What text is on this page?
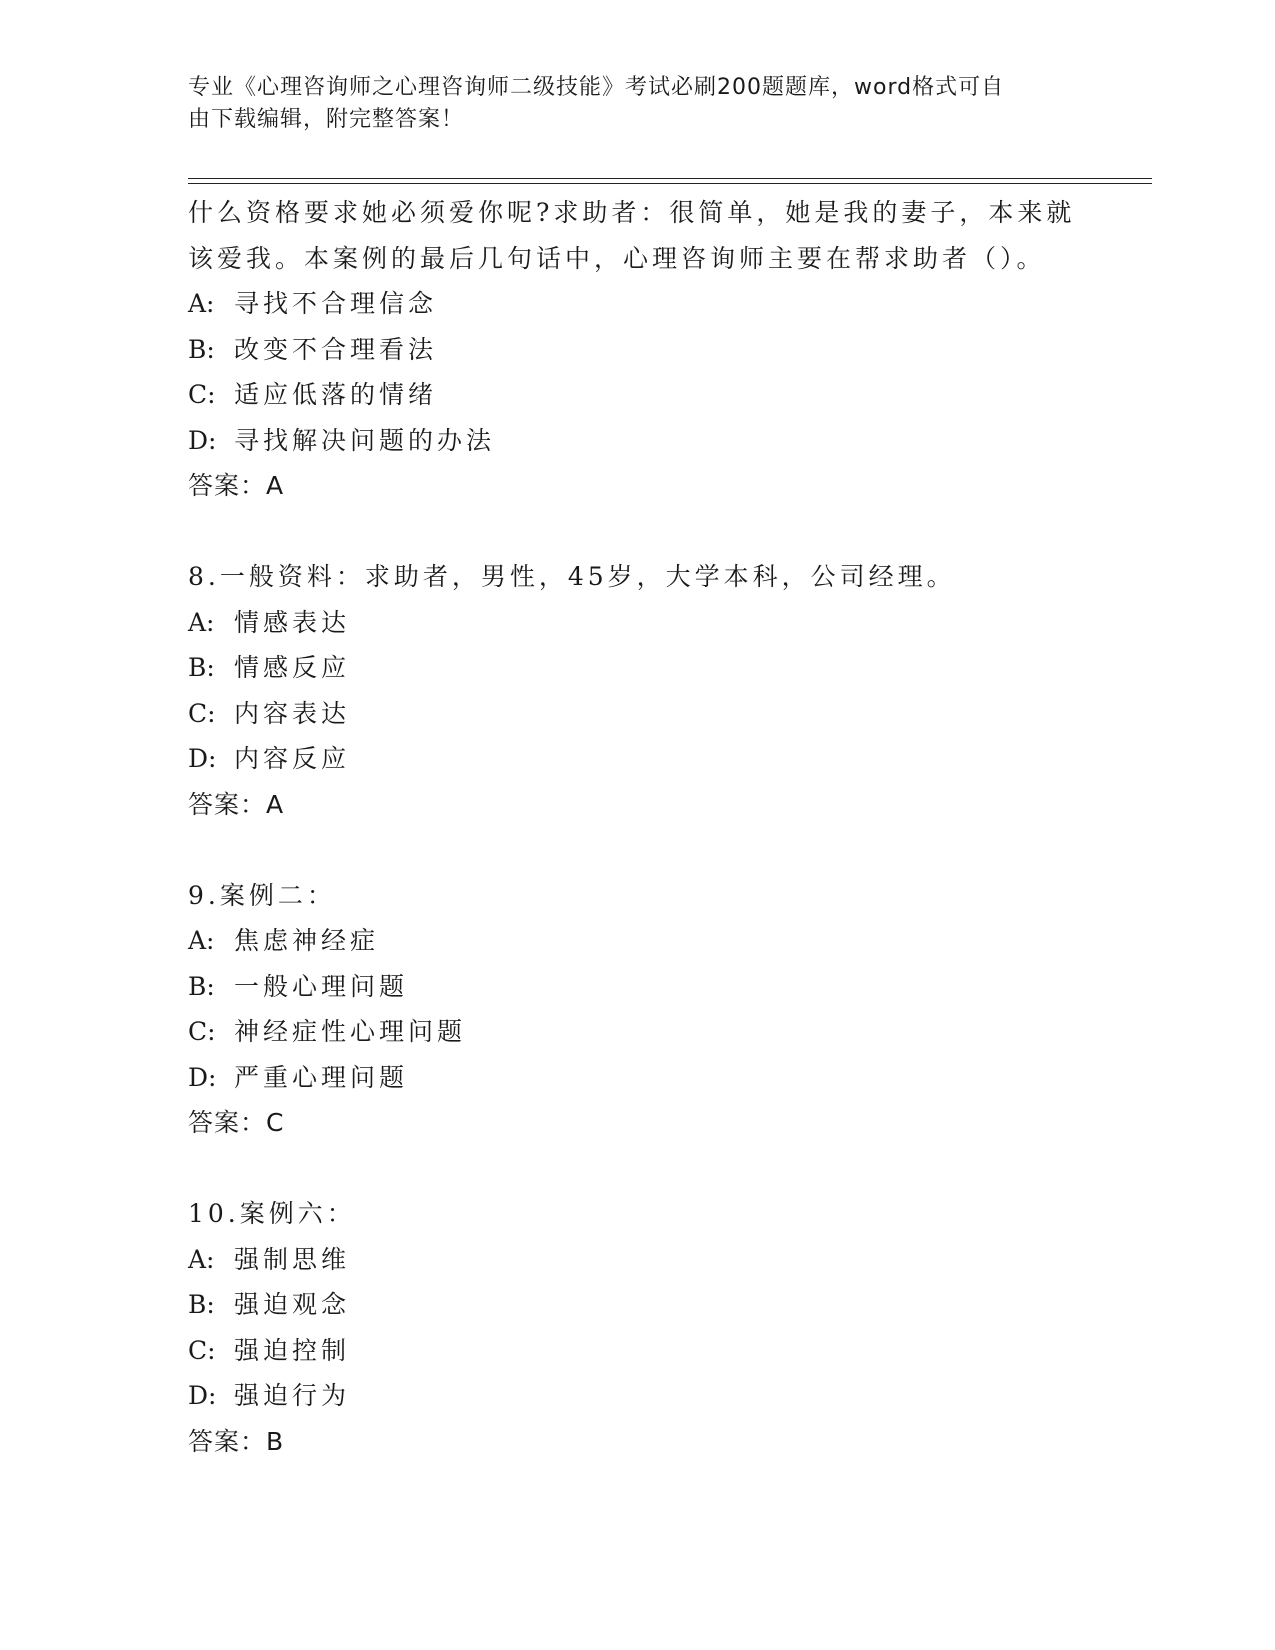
专业《心理咨询师之心理咨询师二级技能》考试必刷200题题库，word格式可自
由下载编辑，附完整答案！
什么资格要求她必须爱你呢?求助者：很简单，她是我的妻子，本来就
该爱我。本案例的最后几句话中，心理咨询师主要在帮求助者（）。
A: 寻找不合理信念
B: 改变不合理看法
C: 适应低落的情绪
D: 寻找解决问题的办法
答案：A
8.一般资料：求助者，男性，45岁，大学本科，公司经理。
A: 情感表达
B: 情感反应
C: 内容表达
D: 内容反应
答案：A
9.案例二：
A: 焦虑神经症
B: 一般心理问题
C: 神经症性心理问题
D: 严重心理问题
答案：C
10.案例六：
A: 强制思维
B: 强迫观念
C: 强迫控制
D: 强迫行为
答案：B
